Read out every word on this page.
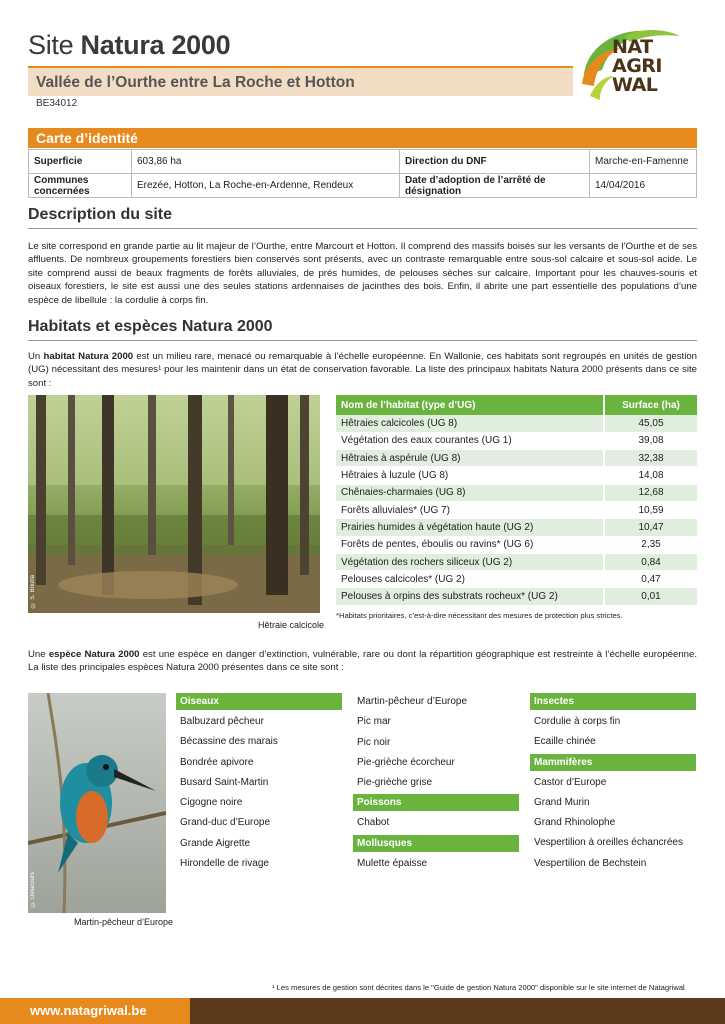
Site Natura 2000
Vallée de l’Ourthe entre La Roche et Hotton
BE34012
NAT
AGRI
WAL
Carte d’identité
Superficie	603,86 ha	Direction du DNF	Marche-en-Famenne
Communes concernées	Erezée, Hotton, La Roche-en-Ardenne, Rendeux	Date d’adoption de l’arrêté de désignation	14/04/2016
Description du site
Le site correspond en grande partie au lit majeur de l’Ourthe, entre Marcourt et Hotton. Il comprend des massifs boisés sur les versants de l’Ourthe et de ses affluents. De nombreux groupements forestiers bien conservés sont présents, avec un contraste remarquable entre sous-sol calcaire et sous-sol acide. Le site comprend aussi de beaux fragments de forêts alluviales, de prés humides, de pelouses sèches sur calcaire. Important pour les chauves-souris et oiseaux forestiers, le site est aussi une des seules stations ardennaises de jacinthes des bois. Enfin, il abrite une part essentielle des populations d’une espèce de libellule : la cordulie à corps fin.
Habitats et espèces Natura 2000
Un habitat Natura 2000 est un milieu rare, menacé ou remarquable à l’échelle européenne. En Wallonie, ces habitats sont regroupés en unités de gestion (UG) nécessitant des mesures¹ pour les maintenir dans un état de conservation favorable. La liste des principaux habitats Natura 2000 présents dans ce site sont :
© S. Bourla
Hêtraie calcicole
Nom de l’habitat (type d’UG)	Surface (ha)
Hêtraies calcicoles (UG 8)	45,05
Végétation des eaux courantes (UG 1)	39,08
Hêtraies à aspérule (UG 8)	32,38
Hêtraies à luzule (UG 8)	14,08
Chênaies-charmaies (UG 8)	12,68
Forêts alluviales* (UG 7)	10,59
Prairies humides à végétation haute (UG 2)	10,47
Forêts de pentes, éboulis ou ravins* (UG 6)	2,35
Végétation des rochers siliceux (UG 2)	0,84
Pelouses calcicoles* (UG 2)	0,47
Pelouses à orpins des substrats rocheux* (UG 2)	0,01
*Habitats prioritaires, c’est-à-dire nécessitant des mesures de protection plus strictes.
Une espèce Natura 2000 est une espèce en danger d’extinction, vulnérable, rare ou dont la répartition géographique est restreinte à l’échelle européenne. La liste des principales espèces Natura 2000 présentes dans ce site sont :
© Delacours
Martin-pêcheur d’Europe
Oiseaux
Balbuzard pêcheur
Bécassine des marais
Bondrée apivore
Busard Saint-Martin
Cigogne noire
Grand-duc d’Europe
Grande Aigrette
Hirondelle de rivage
Martin-pêcheur d’Europe
Pic mar
Pic noir
Pie-grièche écorcheur
Pie-grièche grise
Poissons
Chabot
Mollusques
Mulette épaisse
Insectes
Cordulie à corps fin
Ecaille chinée
Mammifères
Castor d’Europe
Grand Murin
Grand Rhinolophe
Vespertilion à oreilles échancrées
Vespertilion de Bechstein
¹ Les mesures de gestion sont décrites dans le "Guide de gestion Natura 2000" disponible sur le site internet de Natagriwal
www.natagriwal.be
